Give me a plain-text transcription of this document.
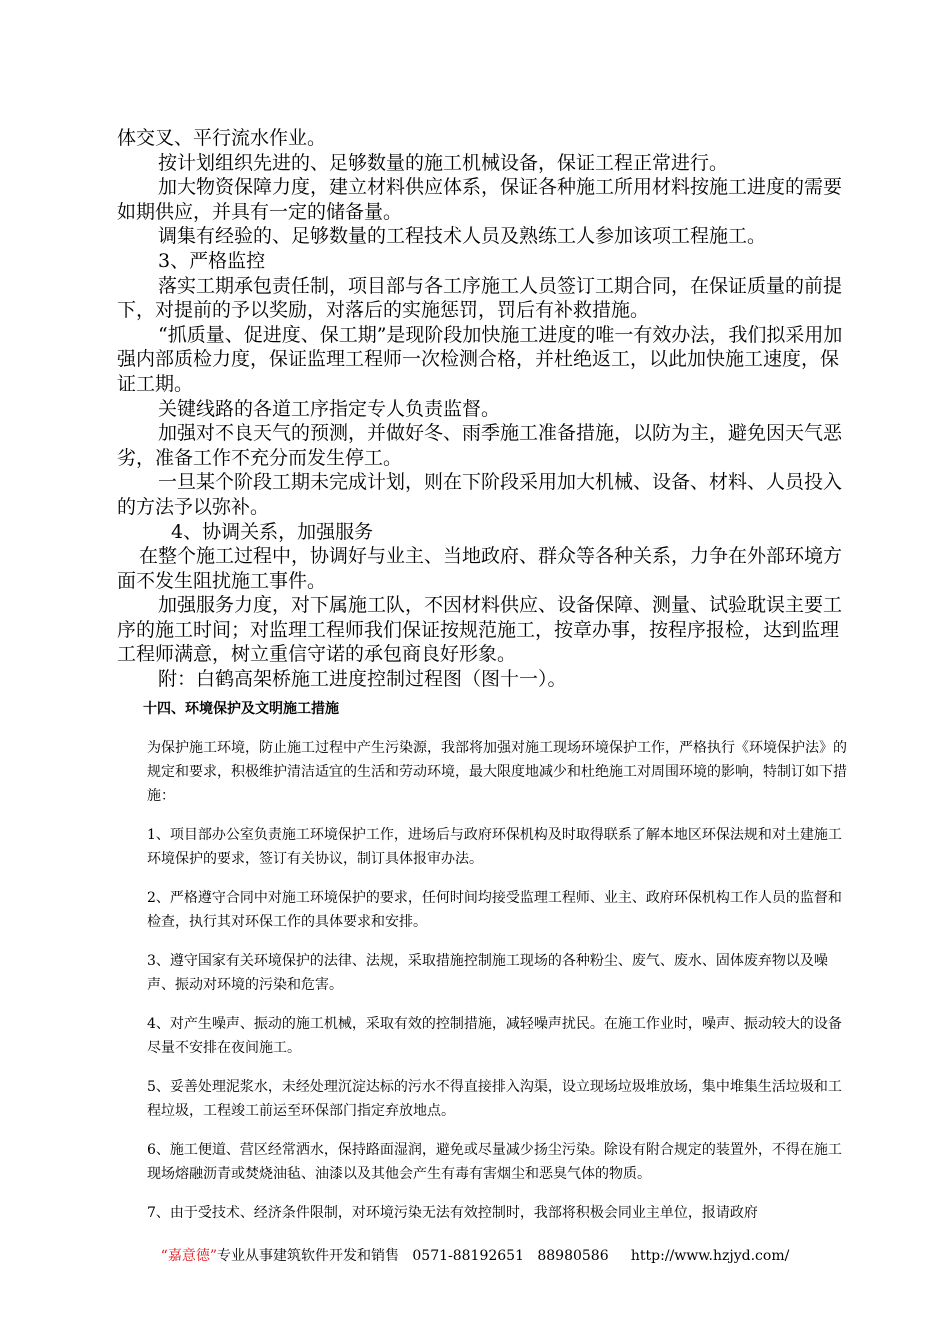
体交叉、平行流水作业。

按计划组织先进的、足够数量的施工机械设备，保证工程正常进行。

加大物资保障力度，建立材料供应体系，保证各种施工所用材料按施工进度的需要如期供应，并具有一定的储备量。

调集有经验的、足够数量的工程技术人员及熟练工人参加该项工程施工。

3、严格监控

落实工期承包责任制，项目部与各工序施工人员签订工期合同，在保证质量的前提下，对提前的予以奖励，对落后的实施惩罚，罚后有补救措施。

“抓质量、促进度、保工期”是现阶段加快施工进度的唯一有效办法，我们拟采用加强内部质检力度，保证监理工程师一次检测合格，并杜绝返工，以此加快施工速度，保证工期。

关键线路的各道工序指定专人负责监督。

加强对不良天气的预测，并做好冬、雨季施工准备措施，以防为主，避免因天气恶劣，准备工作不充分而发生停工。

一旦某个阶段工期未完成计划，则在下阶段采用加大机械、设备、材料、人员投入的方法予以弥补。

4、协调关系，加强服务

在整个施工过程中，协调好与业主、当地政府、群众等各种关系，力争在外部环境方面不发生阻扰施工事件。

加强服务力度，对下属施工队，不因材料供应、设备保障、测量、试验耽误主要工序的施工时间；对监理工程师我们保证按规范施工，按章办事，按程序报检，达到监理工程师满意，树立重信守诺的承包商良好形象。

附：白鹤高架桥施工进度控制过程图（图十一）。

十四、环境保护及文明施工措施

为保护施工环境，防止施工过程中产生污染源，我部将加强对施工现场环境保护工作，严格执行《环境保护法》的规定和要求，积极维护清洁适宜的生活和劳动环境，最大限度地减少和杜绝施工对周围环境的影响，特制订如下措施：

1、项目部办公室负责施工环境保护工作，进场后与政府环保机构及时取得联系了解本地区环保法规和对土建施工环境保护的要求，签订有关协议，制订具体报审办法。

2、严格遵守合同中对施工环境保护的要求，任何时间均接受监理工程师、业主、政府环保机构工作人员的监督和检查，执行其对环保工作的具体要求和安排。

3、遵守国家有关环境保护的法律、法规，采取措施控制施工现场的各种粉尘、废气、废水、固体废弃物以及噪声、振动对环境的污染和危害。

4、对产生噪声、振动的施工机械，采取有效的控制措施，减轻噪声扰民。在施工作业时，噪声、振动较大的设备尽量不安排在夜间施工。

5、妥善处理泥浆水，未经处理沉淀达标的污水不得直接排入沟渠，设立现场垃圾堆放场，集中堆集生活垃圾和工程垃圾，工程竣工前运至环保部门指定弃放地点。

6、施工便道、营区经常洒水，保持路面湿润，避免或尽量减少扬尘污染。除设有附合规定的装置外，不得在施工现场熔融沥青或焚烧油毡、油漆以及其他会产生有毒有害烟尘和恶臭气体的物质。

7、由于受技术、经济条件限制，对环境污染无法有效控制时，我部将积极会同业主单位，报请政府

“嘉意德”专业从事建筑软件开发和销售 0571-88192651   88980586 http://www.hzjyd.com/
